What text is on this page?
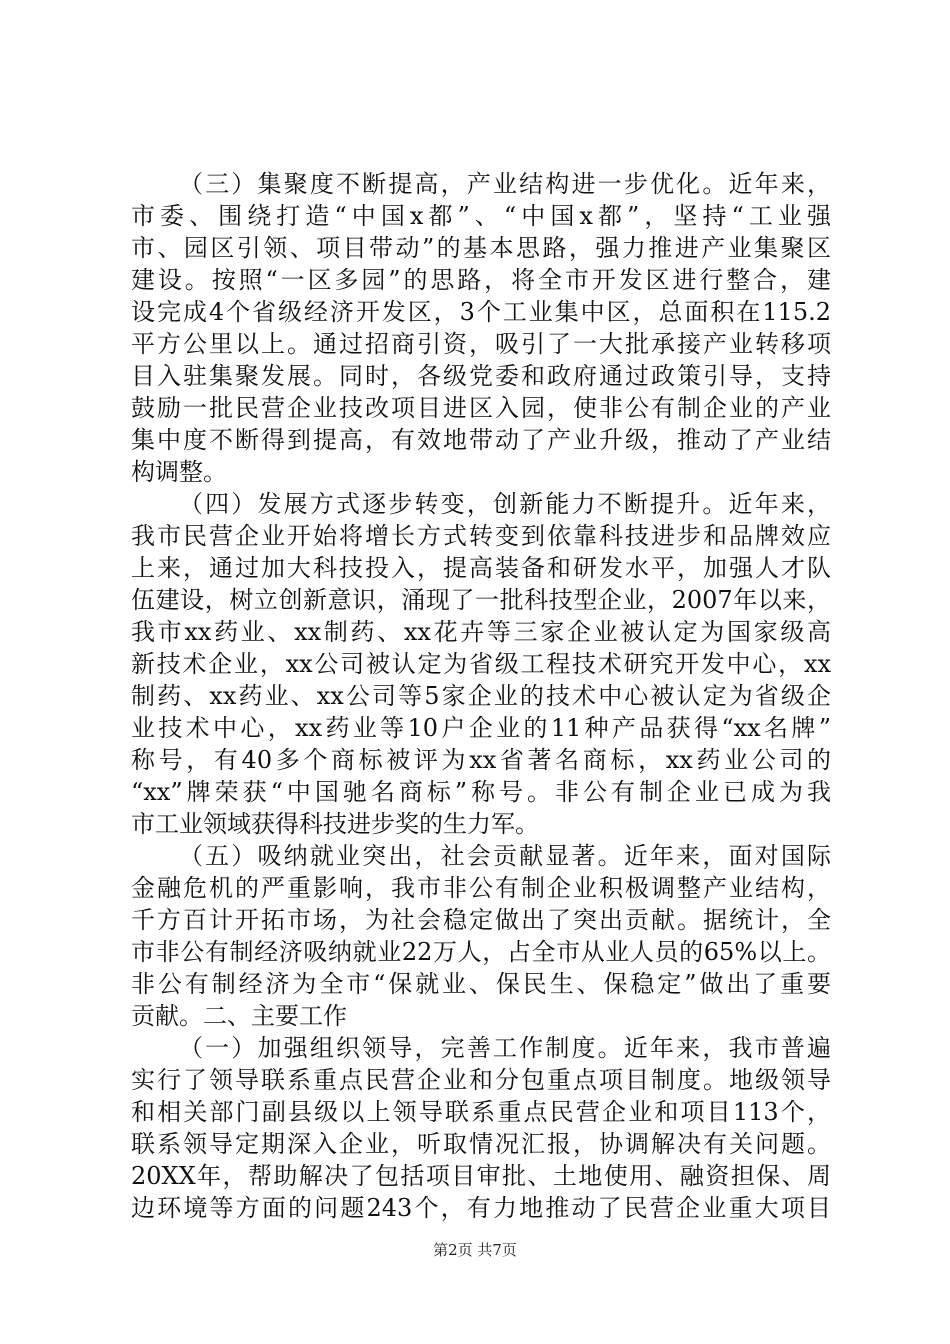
（三）集聚度不断提高，产业结构进一步优化。近年来，
市委、围绕打造“中国x都”、“中国x都”，坚持“工业强
市、园区引领、项目带动”的基本思路，强力推进产业集聚区
建设。按照“一区多园”的思路，将全市开发区进行整合，建
设完成4个省级经济开发区，3个工业集中区，总面积在115.2
平方公里以上。通过招商引资，吸引了一大批承接产业转移项
目入驻集聚发展。同时，各级党委和政府通过政策引导，支持
鼓励一批民营企业技改项目进区入园，使非公有制企业的产业
集中度不断得到提高，有效地带动了产业升级，推动了产业结
构调整。
（四）发展方式逐步转变，创新能力不断提升。近年来，
我市民营企业开始将增长方式转变到依靠科技进步和品牌效应
上来，通过加大科技投入，提高装备和研发水平，加强人才队
伍建设，树立创新意识，涌现了一批科技型企业，2007年以来，
我市xx药业、xx制药、xx花卉等三家企业被认定为国家级高
新技术企业，xx公司被认定为省级工程技术研究开发中心，xx
制药、xx药业、xx公司等5家企业的技术中心被认定为省级企
业技术中心，xx药业等10户企业的11种产品获得“xx名牌”
称号，有40多个商标被评为xx省著名商标，xx药业公司的
“xx”牌荣获“中国驰名商标”称号。非公有制企业已成为我
市工业领域获得科技进步奖的生力军。
（五）吸纳就业突出，社会贡献显著。近年来，面对国际
金融危机的严重影响，我市非公有制企业积极调整产业结构，
千方百计开拓市场，为社会稳定做出了突出贡献。据统计，全
市非公有制经济吸纳就业22万人，占全市从业人员的65%以上。
非公有制经济为全市“保就业、保民生、保稳定”做出了重要
贡献。二、主要工作
（一）加强组织领导，完善工作制度。近年来，我市普遍
实行了领导联系重点民营企业和分包重点项目制度。地级领导
和相关部门副县级以上领导联系重点民营企业和项目113个，
联系领导定期深入企业，听取情况汇报，协调解决有关问题。
20XX年，帮助解决了包括项目审批、土地使用、融资担保、周
边环境等方面的问题243个，有力地推动了民营企业重大项目
第2页 共7页
